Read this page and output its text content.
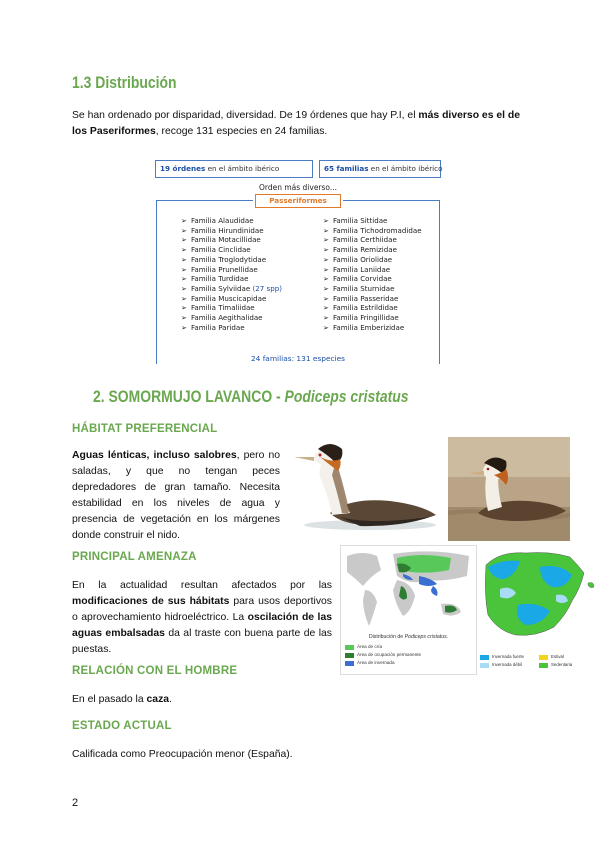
1.3 Distribución
Se han ordenado por disparidad, diversidad. De 19 órdenes que hay P.I, el más diverso es el de los Paseriformes, recoge 131 especies en 24 familias.
19 órdenes en el ámbito ibérico	65 familias en el ámbito ibérico
Orden más diverso...
Passeriformes
➢ Familia Alaudidae
➢ Familia Hirundinidae
➢ Familia Motacillidae
➢ Familia Cinclidae
➢ Familia Troglodytidae
➢ Familia Prunellidae
➢ Familia Turdidae
➢ Familia Sylviidae (27 spp)
➢ Familia Muscicapidae
➢ Familia Timaliidae
➢ Familia Aegithalidae
➢ Familia Paridae
➢ Familia Sittidae
➢ Familia Tichodromadidae
➢ Familia Certhiidae
➢ Familia Remizidae
➢ Familia Oriolidae
➢ Familia Laniidae
➢ Familia Corvidae
➢ Familia Sturnidae
➢ Familia Passeridae
➢ Familia Estrildidae
➢ Familia Fringillidae
➢ Familia Emberizidae
24 familias: 131 especies
2. SOMORMUJO LAVANCO - Podiceps cristatus
HÁBITAT PREFERENCIAL
Aguas lénticas, incluso salobres, pero no saladas, y que no tengan peces depredadores de gran tamaño. Necesita estabilidad en los niveles de agua y presencia de vegetación en los márgenes donde construir el nido.
PRINCIPAL AMENAZA
En la actualidad resultan afectados por las modificaciones de sus hábitats para usos deportivos o aprovechamiento hidroeléctrico. La oscilación de las aguas embalsadas da al traste con buena parte de las puestas.
Distribución de Podiceps cristatus.
Área de cría
Área de ocupación permanente
Área de invernada
Invernada fuerte	Estival
Invernada débil	Sedentaria
RELACIÓN CON EL HOMBRE
En el pasado la caza.
ESTADO ACTUAL
Calificada como Preocupación menor (España).
2
